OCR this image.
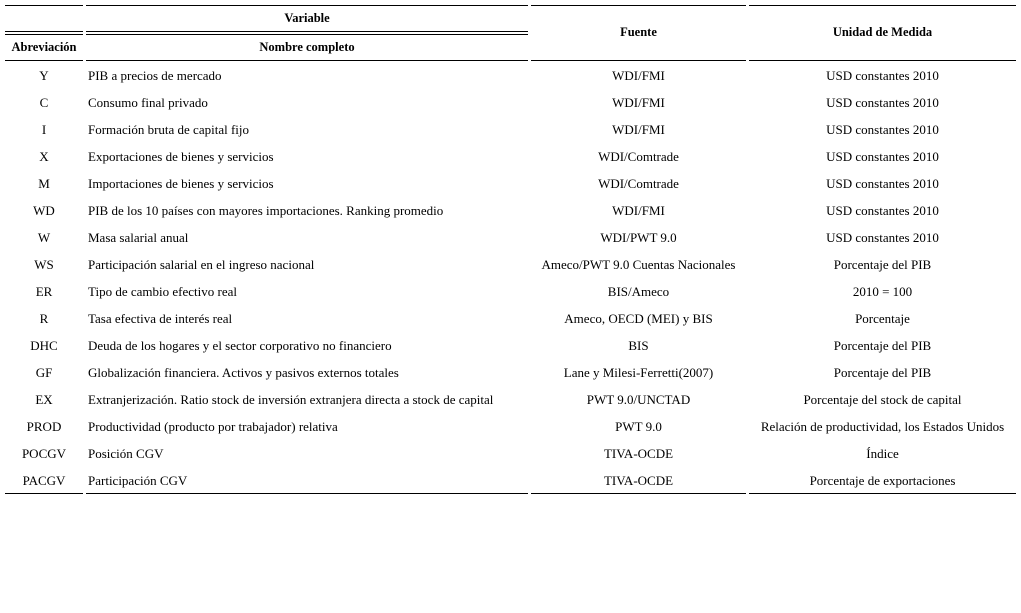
Variable
Abreviación	Nombre completo
Fuente	Unidad de Medida
Y	PIB a precios de mercado	WDI/FMI	USD constantes 2010
C	Consumo final privado	WDI/FMI	USD constantes 2010
I	Formación bruta de capital fijo	WDI/FMI	USD constantes 2010
X	Exportaciones de bienes y servicios	WDI/Comtrade	USD constantes 2010
M	Importaciones de bienes y servicios	WDI/Comtrade	USD constantes 2010
WD	PIB de los 10 países con mayores importaciones. Ranking promedio	WDI/FMI	USD constantes 2010
W	Masa salarial anual	WDI/PWT 9.0	USD constantes 2010
WS	Participación salarial en el ingreso nacional	Ameco/PWT 9.0 Cuentas Nacionales	Porcentaje del PIB
ER	Tipo de cambio efectivo real	BIS/Ameco	2010 = 100
R	Tasa efectiva de interés real	Ameco, OECD (MEI) y BIS	Porcentaje
DHC	Deuda de los hogares y el sector corporativo no financiero	BIS	Porcentaje del PIB
GF	Globalización financiera. Activos y pasivos externos totales	Lane y Milesi-Ferretti(2007)	Porcentaje del PIB
EX	Extranjerización. Ratio stock de inversión extranjera directa a stock de capital	PWT 9.0/UNCTAD	Porcentaje del stock de capital
PROD	Productividad (producto por trabajador) relativa	PWT 9.0	Relación de productividad, los Estados Unidos
POCGV	Posición CGV	TIVA-OCDE	Índice
PACGV	Participación CGV	TIVA-OCDE	Porcentaje de exportaciones
